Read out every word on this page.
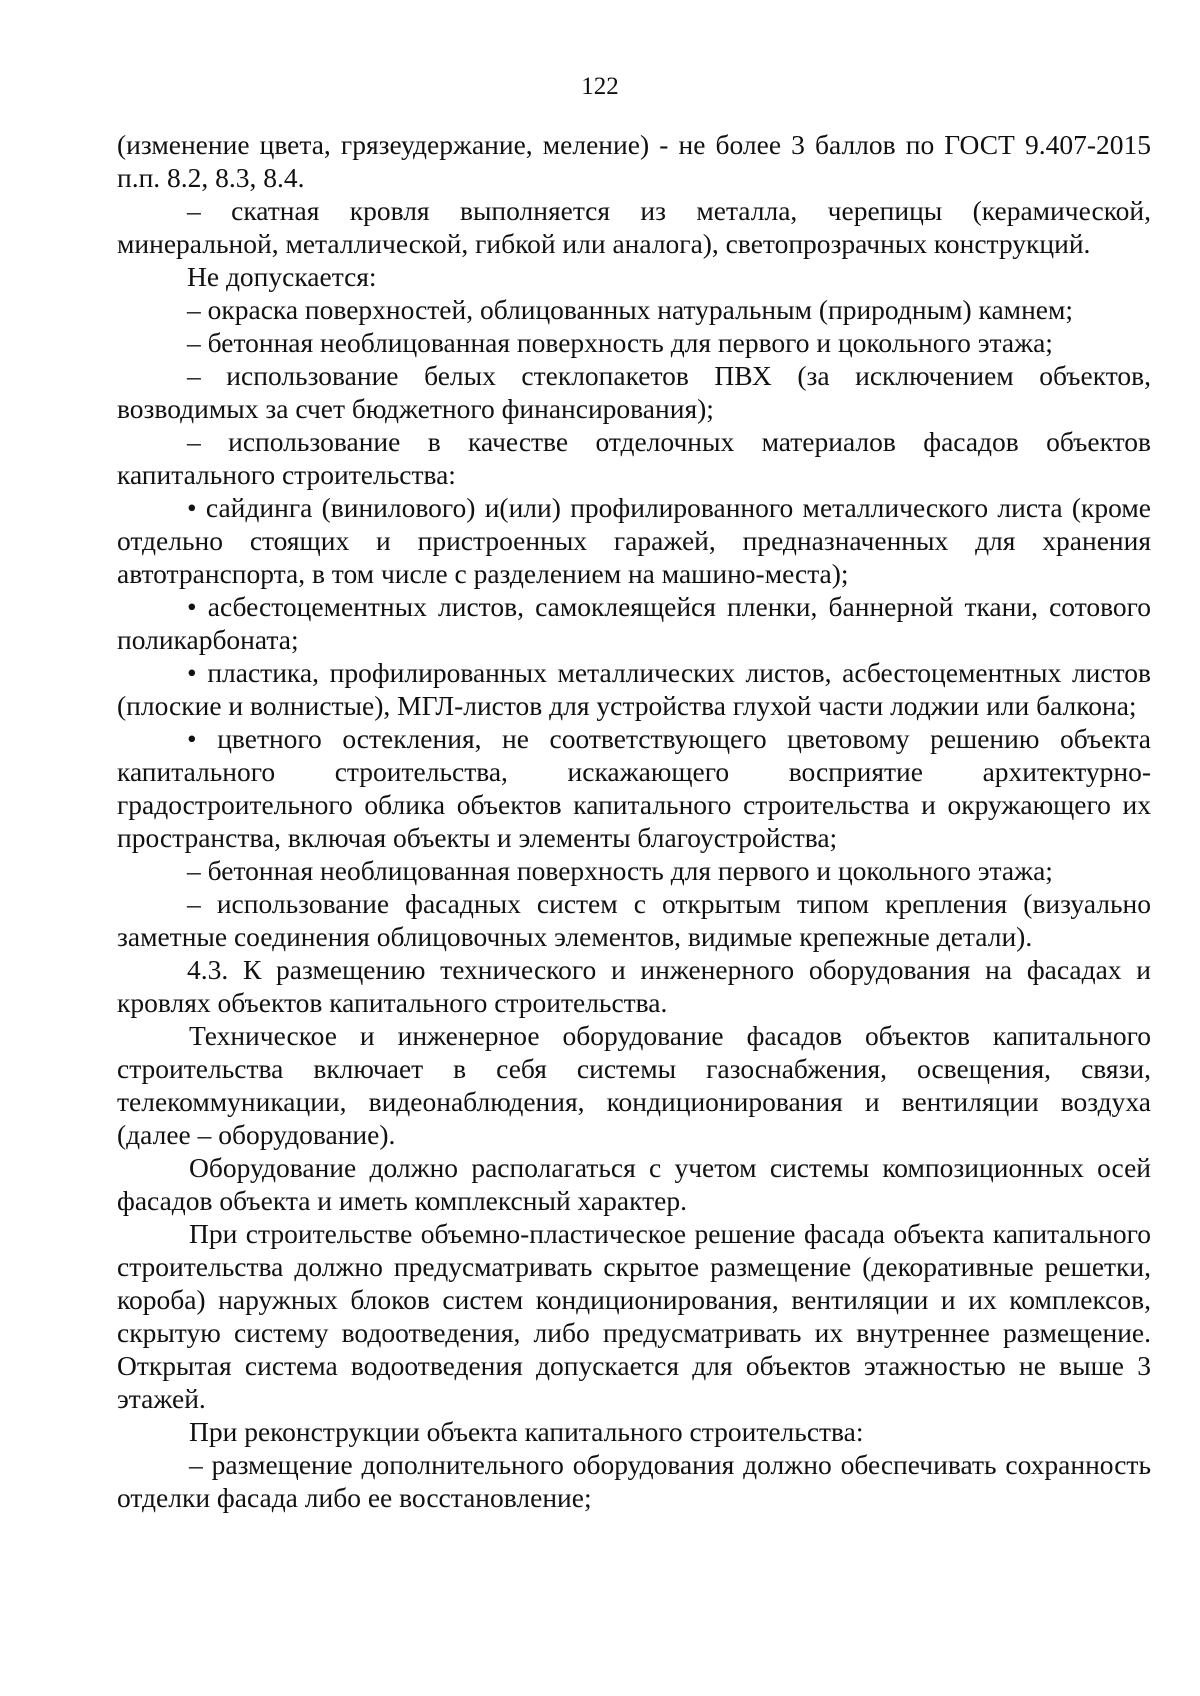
122

(изменение цвета, грязеудержание, меление) - не более 3 баллов по ГОСТ 9.407-2015 п.п. 8.2, 8.3, 8.4.

– скатная кровля выполняется из металла, черепицы (керамической, минеральной, металлической, гибкой или аналога), светопрозрачных конструкций.

Не допускается:

– окраска поверхностей, облицованных натуральным (природным) камнем;

– бетонная необлицованная поверхность для первого и цокольного этажа;

– использование белых стеклопакетов ПВХ (за исключением объектов, возводимых за счет бюджетного финансирования);

– использование в качестве отделочных материалов фасадов объектов капитального строительства:

• сайдинга (винилового) и(или) профилированного металлического листа (кроме отдельно стоящих и пристроенных гаражей, предназначенных для хранения автотранспорта, в том числе с разделением на машино-места);

• асбестоцементных листов, самоклеящейся пленки, баннерной ткани, сотового поликарбоната;

• пластика, профилированных металлических листов, асбестоцементных листов (плоские и волнистые), МГЛ-листов для устройства глухой части лоджии или балкона;

• цветного остекления, не соответствующего цветовому решению объекта капитального строительства, искажающего восприятие архитектурно-градостроительного облика объектов капитального строительства и окружающего их пространства, включая объекты и элементы благоустройства;

– бетонная необлицованная поверхность для первого и цокольного этажа;

– использование фасадных систем с открытым типом крепления (визуально заметные соединения облицовочных элементов, видимые крепежные детали).

4.3. К размещению технического и инженерного оборудования на фасадах и кровлях объектов капитального строительства.

Техническое и инженерное оборудование фасадов объектов капитального строительства включает в себя системы газоснабжения, освещения, связи, телекоммуникации, видеонаблюдения, кондиционирования и вентиляции воздуха (далее – оборудование).

Оборудование должно располагаться с учетом системы композиционных осей фасадов объекта и иметь комплексный характер.

При строительстве объемно-пластическое решение фасада объекта капитального строительства должно предусматривать скрытое размещение (декоративные решетки, короба) наружных блоков систем кондиционирования, вентиляции и их комплексов, скрытую систему водоотведения, либо предусматривать их внутреннее размещение. Открытая система водоотведения допускается для объектов этажностью не выше 3 этажей.

При реконструкции объекта капитального строительства:

– размещение дополнительного оборудования должно обеспечивать сохранность отделки фасада либо ее восстановление;
